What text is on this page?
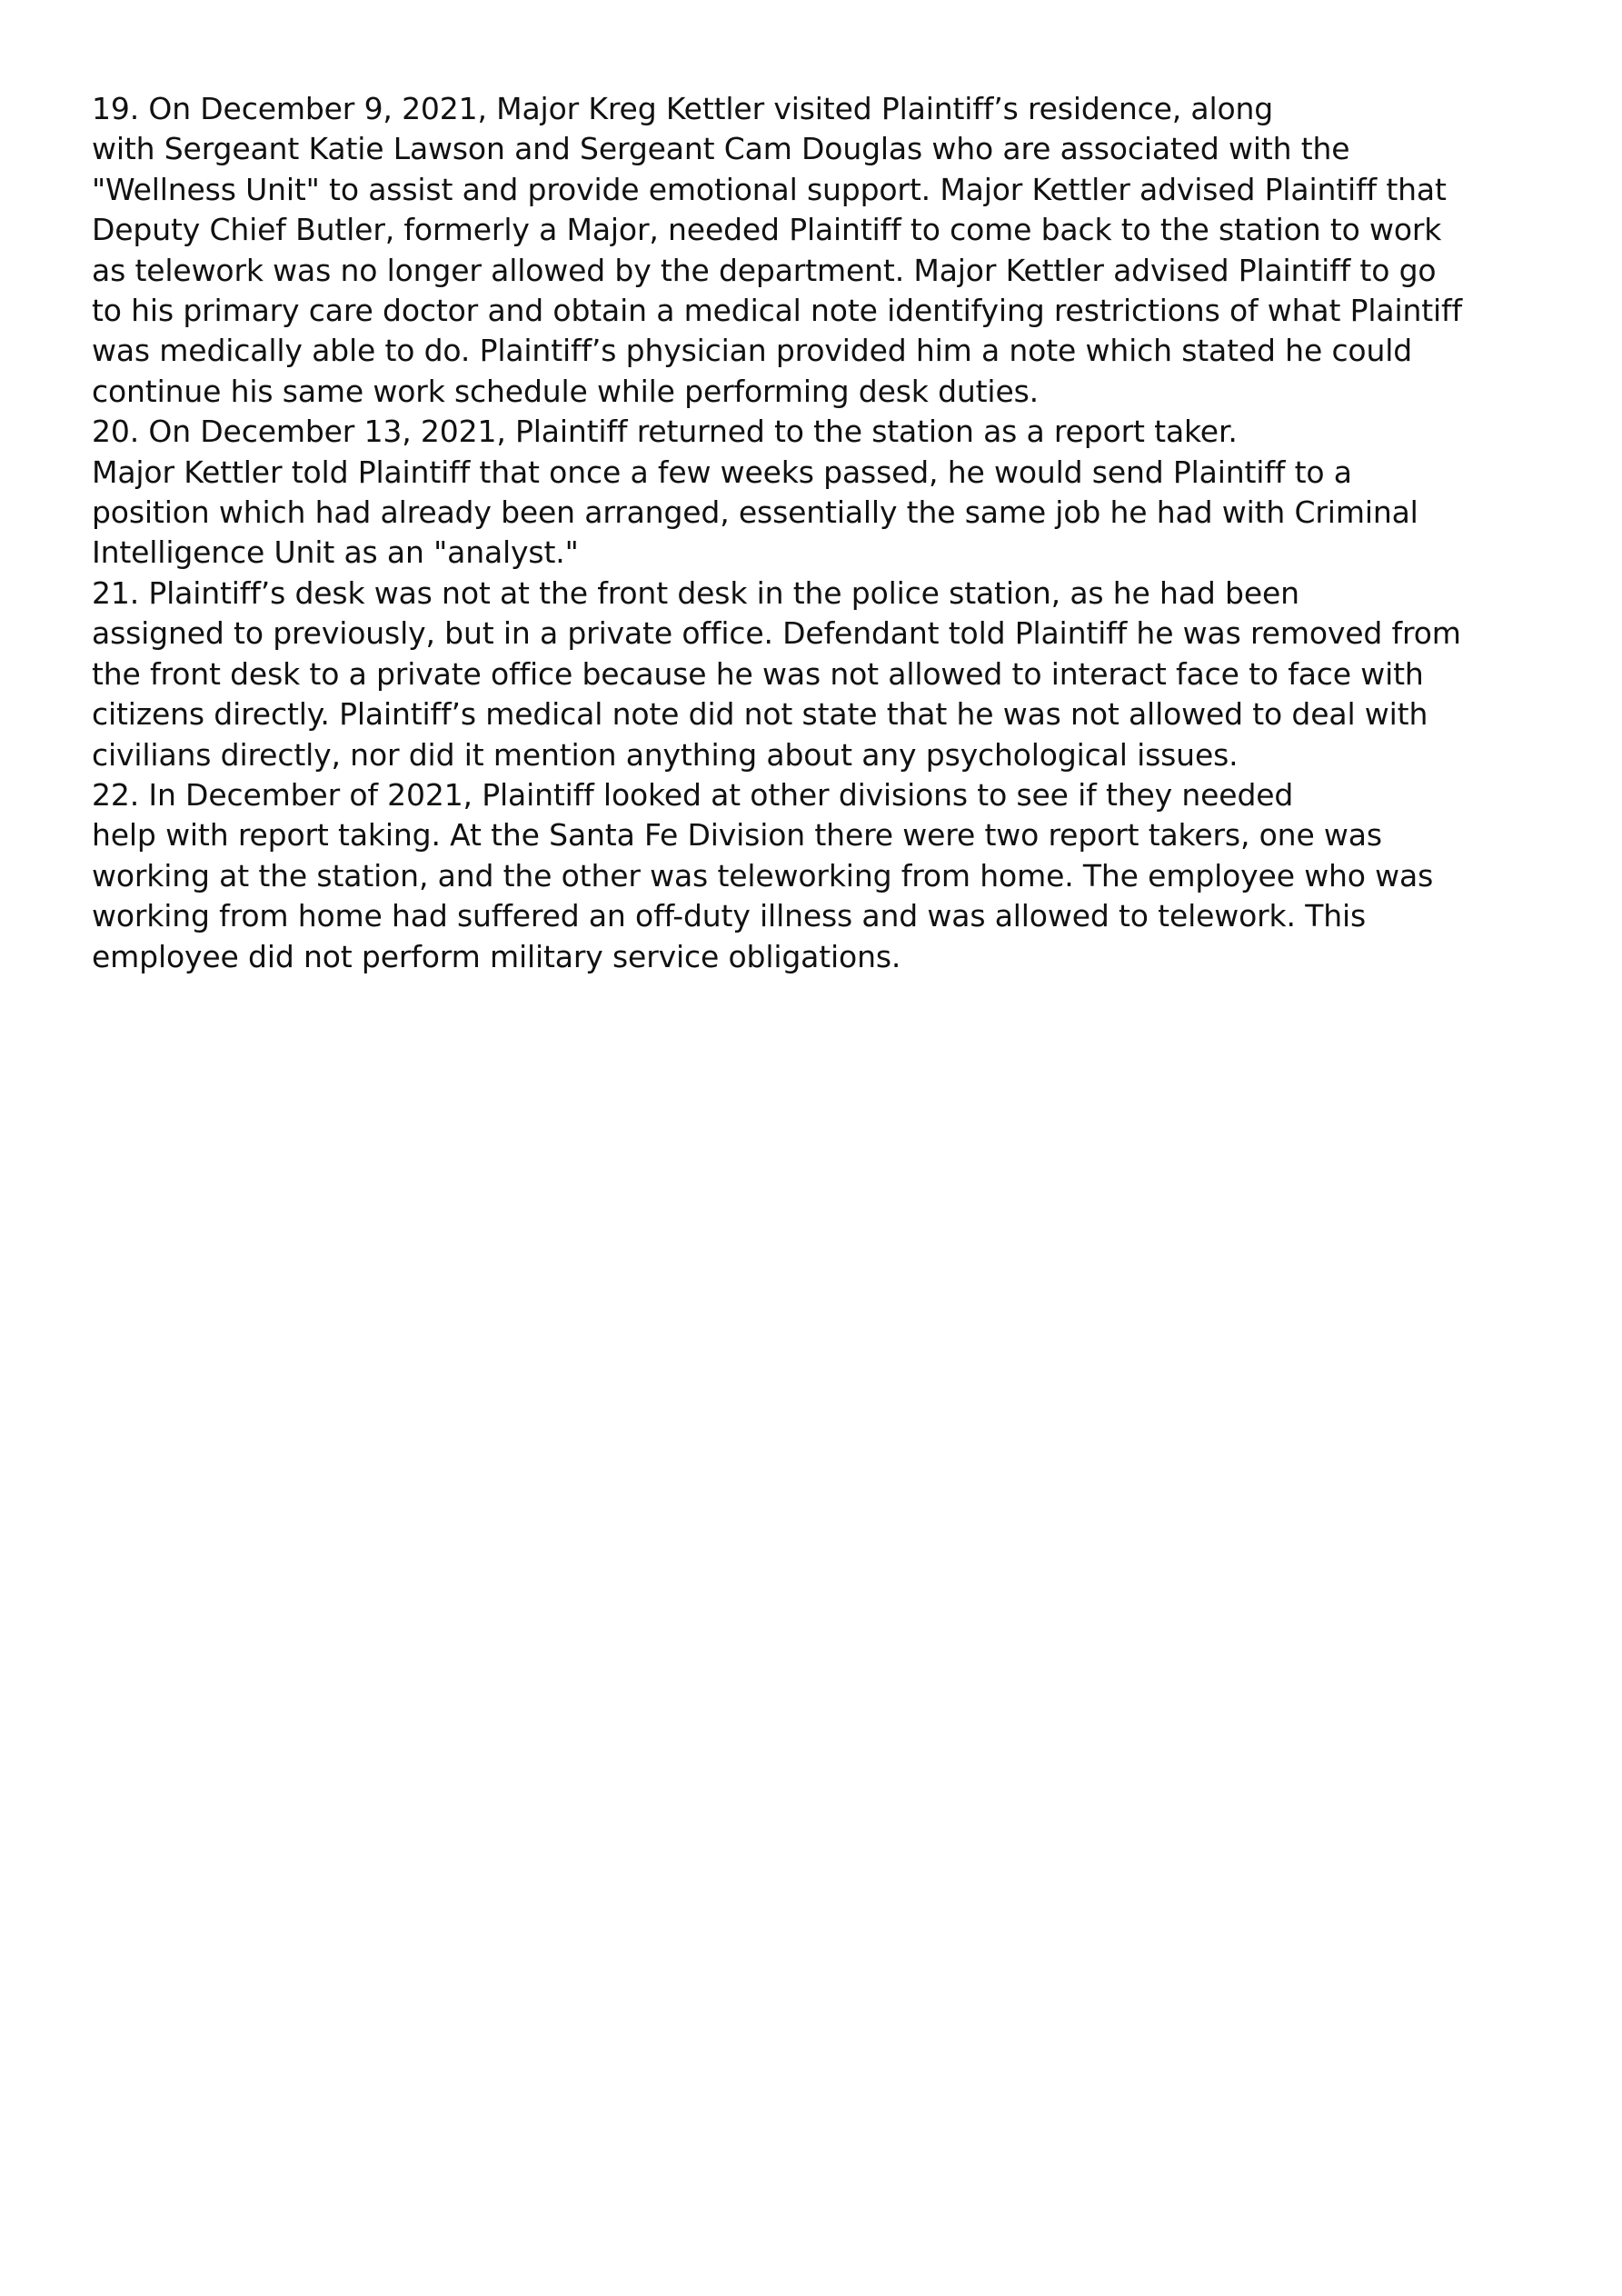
19. On December 9, 2021, Major Kreg Kettler visited Plaintiff’s residence, along
with Sergeant Katie Lawson and Sergeant Cam Douglas who are associated with the
"Wellness Unit" to assist and provide emotional support. Major Kettler advised Plaintiff that
Deputy Chief Butler, formerly a Major, needed Plaintiff to come back to the station to work
as telework was no longer allowed by the department. Major Kettler advised Plaintiff to go
to his primary care doctor and obtain a medical note identifying restrictions of what Plaintiff
was medically able to do. Plaintiff’s physician provided him a note which stated he could
continue his same work schedule while performing desk duties.
20. On December 13, 2021, Plaintiff returned to the station as a report taker.
Major Kettler told Plaintiff that once a few weeks passed, he would send Plaintiff to a
position which had already been arranged, essentially the same job he had with Criminal
Intelligence Unit as an "analyst."
21. Plaintiff’s desk was not at the front desk in the police station, as he had been
assigned to previously, but in a private office. Defendant told Plaintiff he was removed from
the front desk to a private office because he was not allowed to interact face to face with
citizens directly. Plaintiff’s medical note did not state that he was not allowed to deal with
civilians directly, nor did it mention anything about any psychological issues.
22. In December of 2021, Plaintiff looked at other divisions to see if they needed
help with report taking. At the Santa Fe Division there were two report takers, one was
working at the station, and the other was teleworking from home. The employee who was
working from home had suffered an off-duty illness and was allowed to telework. This
employee did not perform military service obligations.
